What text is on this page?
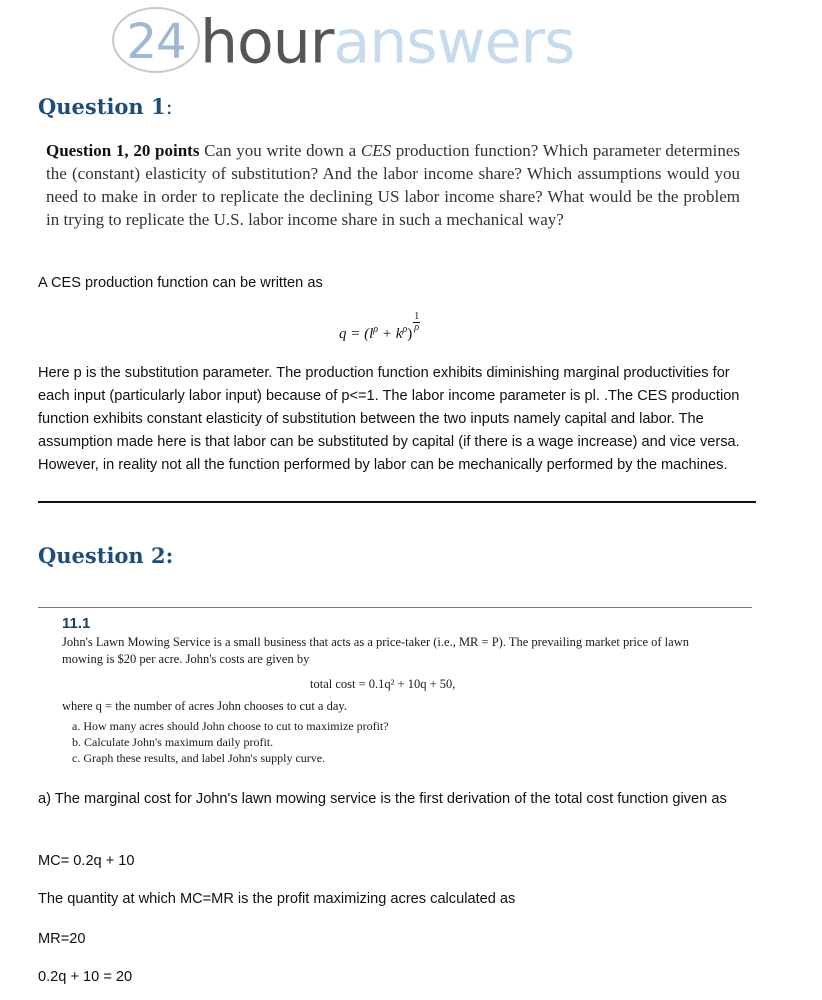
24 houranswers
Question 1:
Question 1, 20 points Can you write down a CES production function? Which parameter determines the (constant) elasticity of substitution? And the labor income share? Which assumptions would you need to make in order to replicate the declining US labor income share? What would be the problem in trying to replicate the U.S. labor income share in such a mechanical way?
A CES production function can be written as
$q = (l^\rho + k^\rho)$
$\frac{1}{\rho}$
Here p is the substitution parameter. The production function exhibits diminishing marginal productivities for each input (particularly labor input) because of p<=1. The labor income parameter is pl. .The CES production function exhibits constant elasticity of substitution between the two inputs namely capital and labor. The assumption made here is that labor can be substituted by capital (if there is a wage increase) and vice versa. However, in reality not all the function performed by labor can be mechanically performed by the machines.
Question 2:
11.1
John's Lawn Mowing Service is a small business that acts as a price-taker (i.e., MR = P). The prevailing market price of lawn mowing is $20 per acre. John's costs are given by
total cost = 0.1q² + 10q + 50,
where q = the number of acres John chooses to cut a day.
a. How many acres should John choose to cut to maximize profit?
b. Calculate John's maximum daily profit.
c. Graph these results, and label John's supply curve.
a) The marginal cost for John's lawn mowing service is the first derivation of the total cost function given as
MC= 0.2q + 10
The quantity at which MC=MR is the profit maximizing acres calculated as
MR=20
0.2q + 10 = 20
